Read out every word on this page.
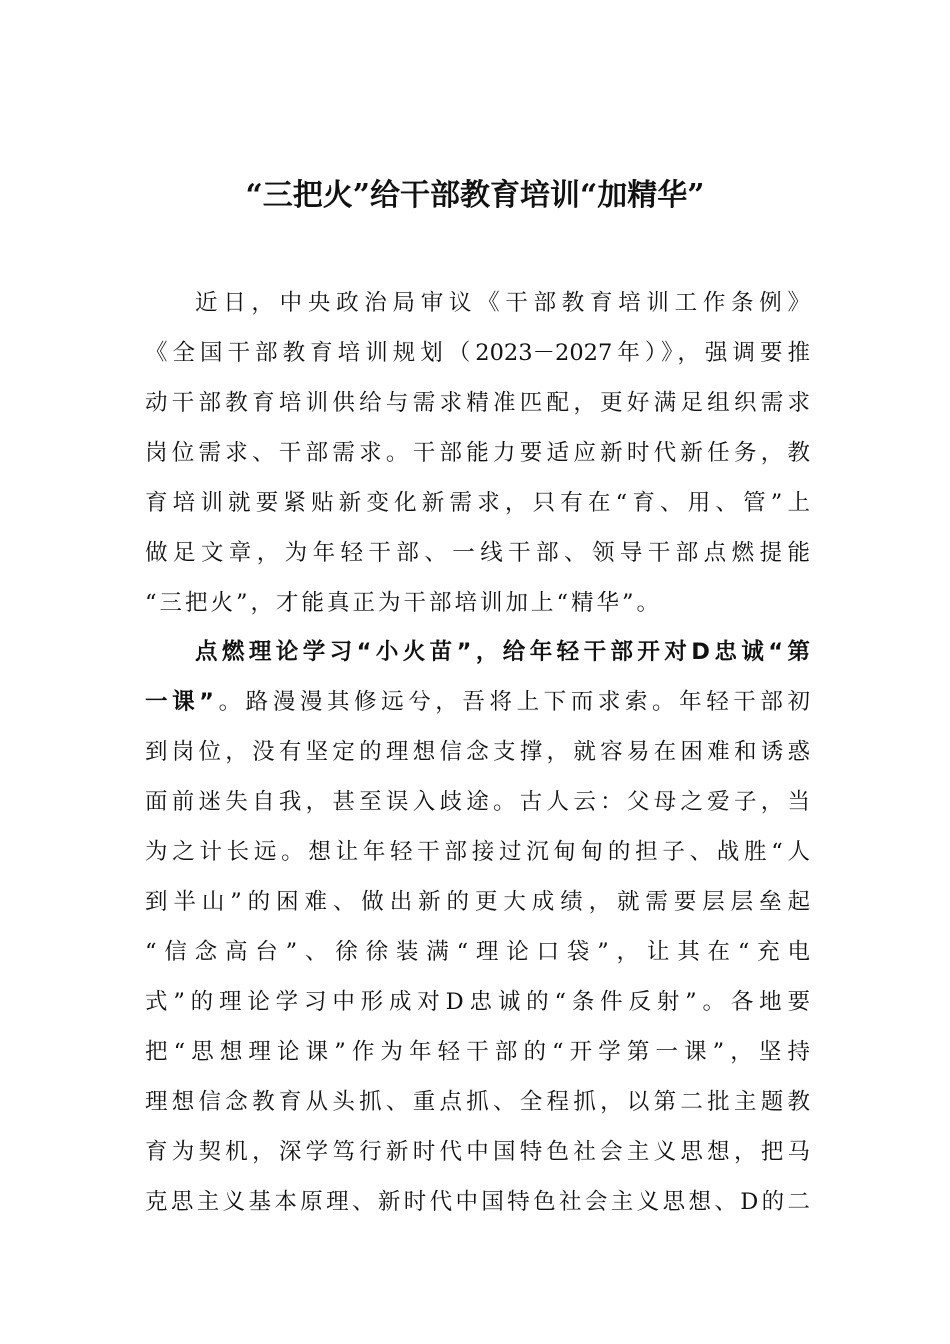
“三把火”给干部教育培训“加精华”
近日，中央政治局审议《干部教育培训工作条例》
《全国干部教育培训规划（2023－2027年）》，强调要推
动干部教育培训供给与需求精准匹配，更好满足组织需求
岗位需求、干部需求。干部能力要适应新时代新任务，教
育培训就要紧贴新变化新需求，只有在“育、用、管”上
做足文章，为年轻干部、一线干部、领导干部点燃提能
“三把火”，才能真正为干部培训加上“精华”。
点燃理论学习“小火苗”，给年轻干部开对D忠诚“第
一课”。路漫漫其修远兮，吾将上下而求索。年轻干部初
到岗位，没有坚定的理想信念支撑，就容易在困难和诱惑
面前迷失自我，甚至误入歧途。古人云：父母之爱子，当
为之计长远。想让年轻干部接过沉甸甸的担子、战胜“人
到半山”的困难、做出新的更大成绩，就需要层层垒起
“信念高台”、徐徐装满“理论口袋”，让其在“充电
式”的理论学习中形成对D忠诚的“条件反射”。各地要
把“思想理论课”作为年轻干部的“开学第一课”，坚持
理想信念教育从头抓、重点抓、全程抓，以第二批主题教
育为契机，深学笃行新时代中国特色社会主义思想，把马
克思主义基本原理、新时代中国特色社会主义思想、D的二
